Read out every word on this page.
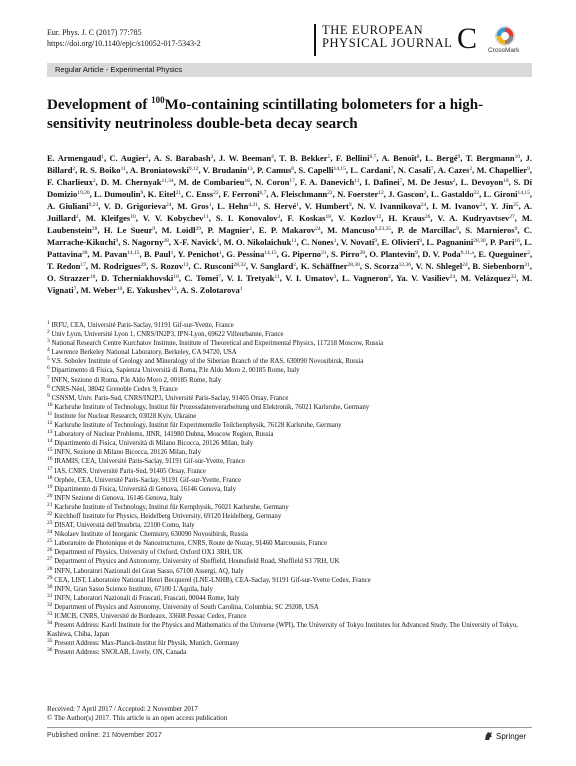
Eur. Phys. J. C (2017) 77:785
https://doi.org/10.1140/epjc/s10052-017-5343-2
THE EUROPEAN
PHYSICAL JOURNAL C CrossMark
Regular Article - Experimental Physics
Development of $^{100}$Mo-containing scintillating bolometers for a high-sensitivity neutrinoless double-beta decay search
E. Armengaud$^1$, C. Augier$^2$, A. S. Barabash$^3$, J. W. Beeman$^4$, T. B. Bekker$^5$, F. Bellini$^{6,7}$, A. Benoît$^8$, L. Bergé$^9$, T. Bergmann$^{10}$, J. Billard$^2$, R. S. Boiko$^{11}$, A. Broniatowski$^{9,12}$, V. Brudanin$^{13}$, P. Camus$^8$, S. Capelli$^{14,15}$, L. Cardani$^7$, N. Casali$^7$, A. Cazes$^2$, M. Chapellier$^9$, F. Charlieux$^2$, D. M. Chernyak$^{11,34}$, M. de Combarieu$^{16}$, N. Coron$^{17}$, F. A. Danevich$^{11}$, I. Dafinei$^7$, M. De Jesus$^2$, L. Devoyon$^{18}$, S. Di Domizio$^{19,20}$, L. Dumoulin$^9$, K. Eitel$^{21}$, C. Enss$^{22}$, F. Ferroni$^{6,7}$, A. Fleischmann$^{22}$, N. Foerster$^{12}$, J. Gascon$^2$, L. Gastaldo$^{22}$, L. Gironi$^{14,15}$, A. Giuliani$^{9,23}$, V. D. Grigorieva$^{24}$, M. Gros$^1$, L. Hehn$^{4,21}$, S. Hervé$^1$, V. Humbert$^9$, N. V. Ivannikova$^{24}$, I. M. Ivanov$^{24}$, Y. Jin$^{25}$, A. Juillard$^2$, M. Kleifges$^{10}$, V. V. Kobychev$^{11}$, S. I. Konovalov$^3$, F. Koskas$^{18}$, V. Kozlov$^{12}$, H. Kraus$^{26}$, V. A. Kudryavtsev$^{27}$, M. Laubenstein$^{28}$, H. Le Sueur$^9$, M. Loidl$^{29}$, P. Magnier$^1$, E. P. Makarov$^{24}$, M. Mancuso$^{9,23,35}$, P. de Marcillac$^9$, S. Marnieros$^9$, C. Marrache-Kikuchi$^9$, S. Nagorny$^{28}$, X-F. Navick$^1$, M. O. Nikolaichuk$^{11}$, C. Nones$^1$, V. Novati$^9$, E. Olivieri$^9$, L. Pagnanini$^{28,30}$, P. Pari$^{16}$, L. Pattavina$^{28}$, M. Pavan$^{14,15}$, B. Paul$^1$, Y. Penichot$^1$, G. Pessina$^{14,15}$, G. Piperno$^{31}$, S. Pirro$^{28}$, O. Plantevin$^9$, D. V. Poda$^{9,11,a}$, E. Queguiner$^2$, T. Redon$^{17}$, M. Rodrigues$^{29}$, S. Rozov$^{13}$, C. Rusconi$^{28,32}$, V. Sanglard$^2$, K. Schäffner$^{28,30}$, S. Scorza$^{12,36}$, V. N. Shlegel$^{24}$, B. Siebenborn$^{21}$, O. Strazzer$^{18}$, D. Tcherniakhovski$^{10}$, C. Tomei$^7$, V. I. Tretyak$^{11}$, V. I. Umatov$^3$, L. Vagneron$^2$, Ya. V. Vasiliev$^{24}$, M. Velázquez$^{33}$, M. Vignati$^7$, M. Weber$^{10}$, E. Yakushev$^{13}$, A. S. Zolotarova$^1$
$^1$ IRFU, CEA, Université Paris-Saclay, 91191 Gif-sur-Yvette, France
$^2$ Univ Lyon, Université Lyon 1, CNRS/IN2P3, IPN-Lyon, 69622 Villeurbanne, France
$^3$ National Research Centre Kurchatov Institute, Institute of Theoretical and Experimental Physics, 117218 Moscow, Russia
$^4$ Lawrence Berkeley National Laboratory, Berkeley, CA 94720, USA
$^5$ V.S. Sobolev Institute of Geology and Mineralogy of the Siberian Branch of the RAS, 630090 Novosibirsk, Russia
$^6$ Dipartimento di Fisica, Sapienza Università di Roma, P.le Aldo Moro 2, 00185 Rome, Italy
$^7$ INFN, Sezione di Roma, P.le Aldo Moro 2, 00185 Rome, Italy
$^8$ CNRS-Néel, 38042 Grenoble Cedex 9, France
$^9$ CSNSM, Univ. Paris-Sud, CNRS/IN2P3, Université Paris-Saclay, 91405 Orsay, France
$^{10}$ Karlsruhe Institute of Technology, Institut für Prozessdatenverarbeitung und Elektronik, 76021 Karlsruhe, Germany
$^{11}$ Institute for Nuclear Research, 03028 Kyiv, Ukraine
$^{12}$ Karlsruhe Institute of Technology, Institut für Experimentelle Teilchenphysik, 76128 Karlsruhe, Germany
$^{13}$ Laboratory of Nuclear Problems, JINR, 141980 Dubna, Moscow Region, Russia
$^{14}$ Dipartimento di Fisica, Università di Milano Bicocca, 20126 Milan, Italy
$^{15}$ INFN, Sezione di Milano Bicocca, 20126 Milan, Italy
$^{16}$ IRAMIS, CEA, Université Paris-Saclay, 91191 Gif-sur-Yvette, France
$^{17}$ IAS, CNRS, Université Paris-Sud, 91405 Orsay, France
$^{18}$ Orphée, CEA, Université Paris-Saclay, 91191 Gif-sur-Yvette, France
$^{19}$ Dipartimento di Fisica, Università di Genova, 16146 Genova, Italy
$^{20}$ INFN Sezione di Genova, 16146 Genova, Italy
$^{21}$ Karlsruhe Institute of Technology, Institut für Kernphysik, 76021 Karlsruhe, Germany
$^{22}$ Kirchhoff Institute for Physics, Heidelberg University, 69120 Heidelberg, Germany
$^{23}$ DISAT, Università dell'Insubria, 22100 Como, Italy
$^{24}$ Nikolaev Institute of Inorganic Chemistry, 630090 Novosibirsk, Russia
$^{25}$ Laboratoire de Photonique et de Nanostructures, CNRS, Route de Nozay, 91460 Marcoussis, France
$^{26}$ Department of Physics, University of Oxford, Oxford OX1 3RH, UK
$^{27}$ Department of Physics and Astronomy, University of Sheffield, Hounsfield Road, Sheffield S3 7RH, UK
$^{28}$ INFN, Laboratori Nazionali del Gran Sasso, 67100 Assergi, AQ, Italy
$^{29}$ CEA, LIST, Laboratoire National Henri Becquerel (LNE-LNHB), CEA-Saclay, 91191 Gif-sur-Yvette Cedex, France
$^{30}$ INFN, Gran Sasso Science Institute, 67100 L'Aquila, Italy
$^{31}$ INFN, Laboratori Nazionali di Frascati, Frascati, 00044 Rome, Italy
$^{32}$ Department of Physics and Astronomy, University of South Carolina, Columbia, SC 29208, USA
$^{33}$ ICMCB, CNRS, Université de Bordeaux, 33608 Pessac Cedex, France
$^{34}$ Present Address: Kavli Institute for the Physics and Mathematics of the Universe (WPI), The University of Tokyo Institutes for Advanced Study, The University of Tokyo, Kashiwa, Chiba, Japan
$^{35}$ Present Address: Max-Planck-Institut für Physik, Munich, Germany
$^{36}$ Present Address: SNOLAB, Lively, ON, Canada
Received: 7 April 2017 / Accepted: 2 November 2017
© The Author(s) 2017. This article is an open access publication
Published online: 21 November 2017	Springer
